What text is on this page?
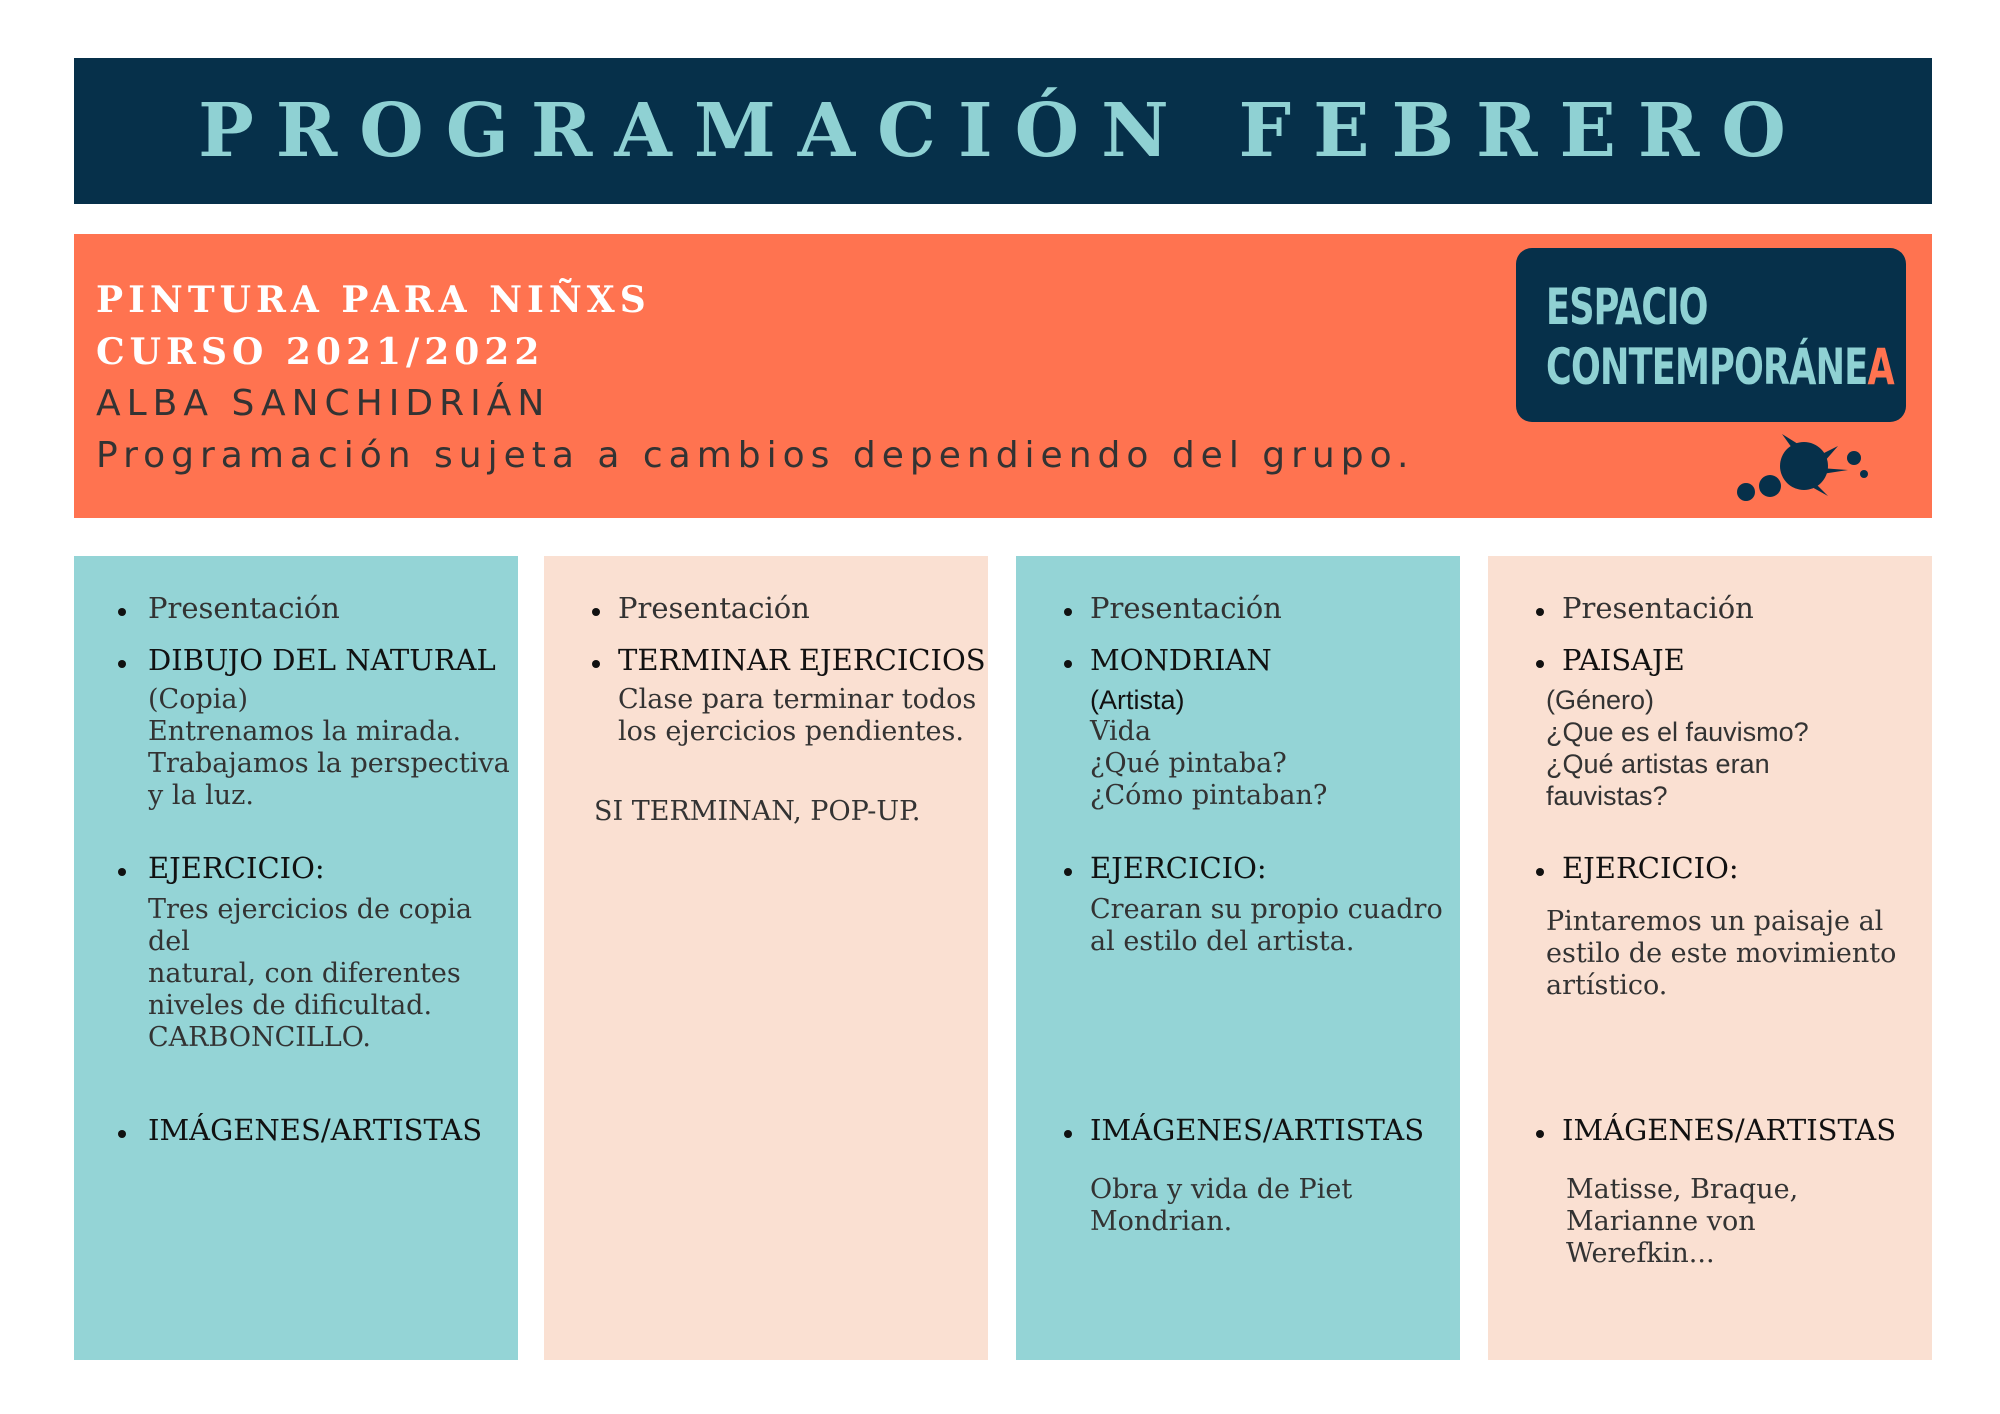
PROGRAMACIÓN FEBRERO
PINTURA PARA NIÑXS
CURSO 2021/2022
ALBA SANCHIDRIÁN
Programación sujeta a cambios dependiendo del grupo.
ESPACIO
CONTEMPORÁNEA
Presentación
DIBUJO DEL NATURAL
(Copia)
Entrenamos la mirada.
Trabajamos la perspectiva
y la luz.
EJERCICIO:
Tres ejercicios de copia del
natural, con diferentes
niveles de dificultad.
CARBONCILLO.
IMÁGENES/ARTISTAS
Presentación
TERMINAR EJERCICIOS
Clase para terminar todos
los ejercicios pendientes.
SI TERMINAN, POP-UP.
Presentación
MONDRIAN
(Artista)
Vida
¿Qué pintaba?
¿Cómo pintaban?
EJERCICIO:
Crearan su propio cuadro
al estilo del artista.
IMÁGENES/ARTISTAS
Obra y vida de Piet
Mondrian.
Presentación
PAISAJE
(Género)
¿Que es el fauvismo?
¿Qué artistas eran
fauvistas?
EJERCICIO:
Pintaremos un paisaje al
estilo de este movimiento
artístico.
IMÁGENES/ARTISTAS
Matisse, Braque,
Marianne von
Werefkin...
